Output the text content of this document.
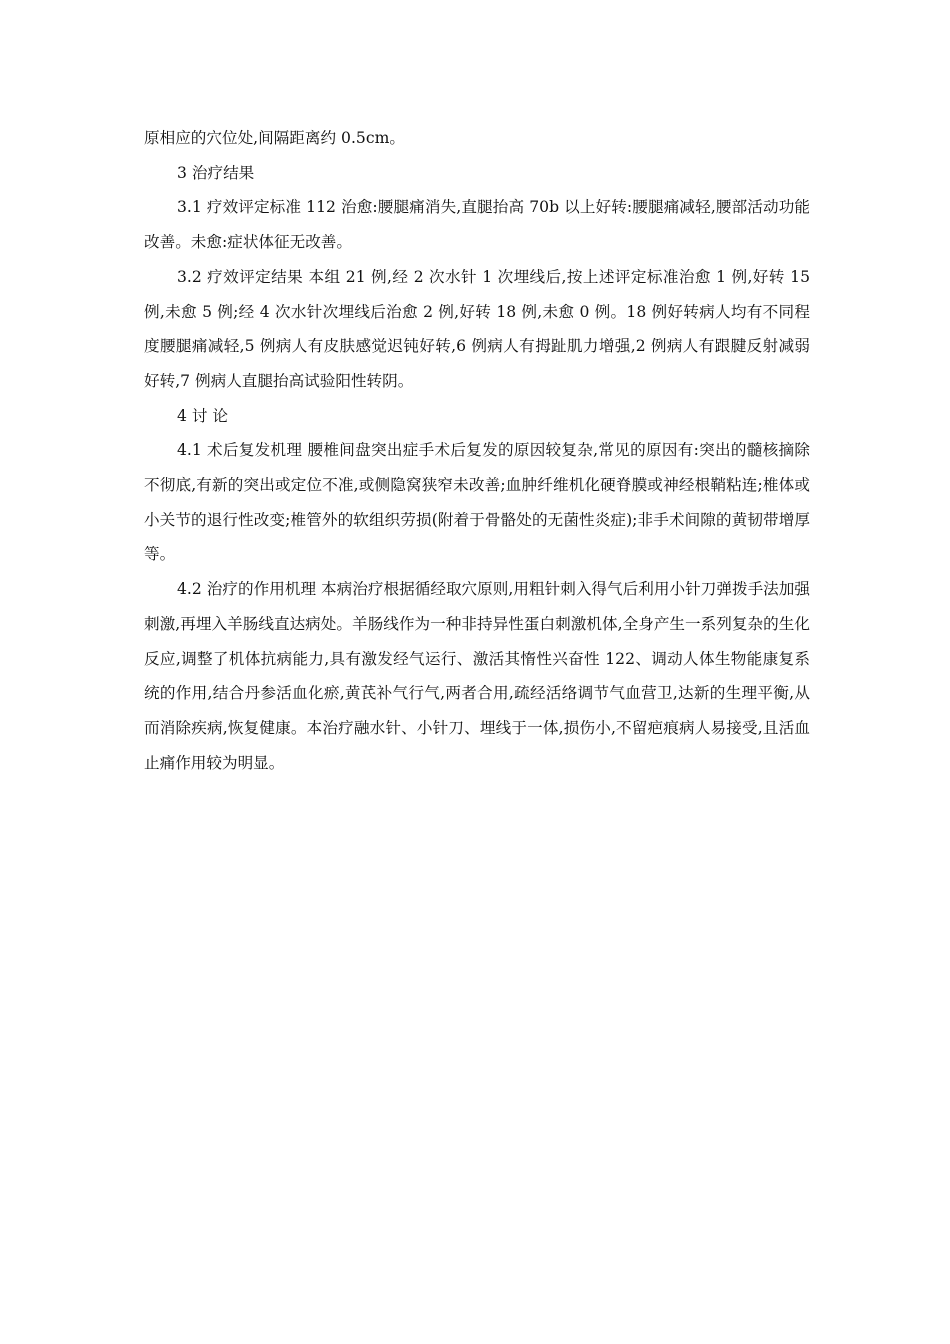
原相应的穴位处,间隔距离约 0.5cm。

3 治疗结果

3.1 疗效评定标准 112 治愈:腰腿痛消失,直腿抬高 70b 以上好转:腰腿痛减轻,腰部活动功能改善。未愈:症状体征无改善。

3.2 疗效评定结果 本组 21 例,经 2 次水针 1 次埋线后,按上述评定标准治愈 1 例,好转 15 例,未愈 5 例;经 4 次水针次埋线后治愈 2 例,好转 18 例,未愈 0 例。18 例好转病人均有不同程度腰腿痛减轻,5 例病人有皮肤感觉迟钝好转,6 例病人有拇趾肌力增强,2 例病人有跟腱反射减弱好转,7 例病人直腿抬高试验阳性转阴。

4 讨 论

4.1 术后复发机理 腰椎间盘突出症手术后复发的原因较复杂,常见的原因有:突出的髓核摘除不彻底,有新的突出或定位不准,或侧隐窝狭窄未改善;血肿纤维机化硬脊膜或神经根鞘粘连;椎体或小关节的退行性改变;椎管外的软组织劳损(附着于骨骼处的无菌性炎症);非手术间隙的黄韧带增厚等。

4.2 治疗的作用机理 本病治疗根据循经取穴原则,用粗针刺入得气后利用小针刀弹拨手法加强刺激,再埋入羊肠线直达病处。羊肠线作为一种非持异性蛋白刺激机体,全身产生一系列复杂的生化反应,调整了机体抗病能力,具有激发经气运行、激活其惰性兴奋性 122、调动人体生物能康复系统的作用,结合丹参活血化瘀,黄芪补气行气,两者合用,疏经活络调节气血营卫,达新的生理平衡,从而消除疾病,恢复健康。本治疗融水针、小针刀、埋线于一体,损伤小,不留疤痕病人易接受,且活血止痛作用较为明显。
